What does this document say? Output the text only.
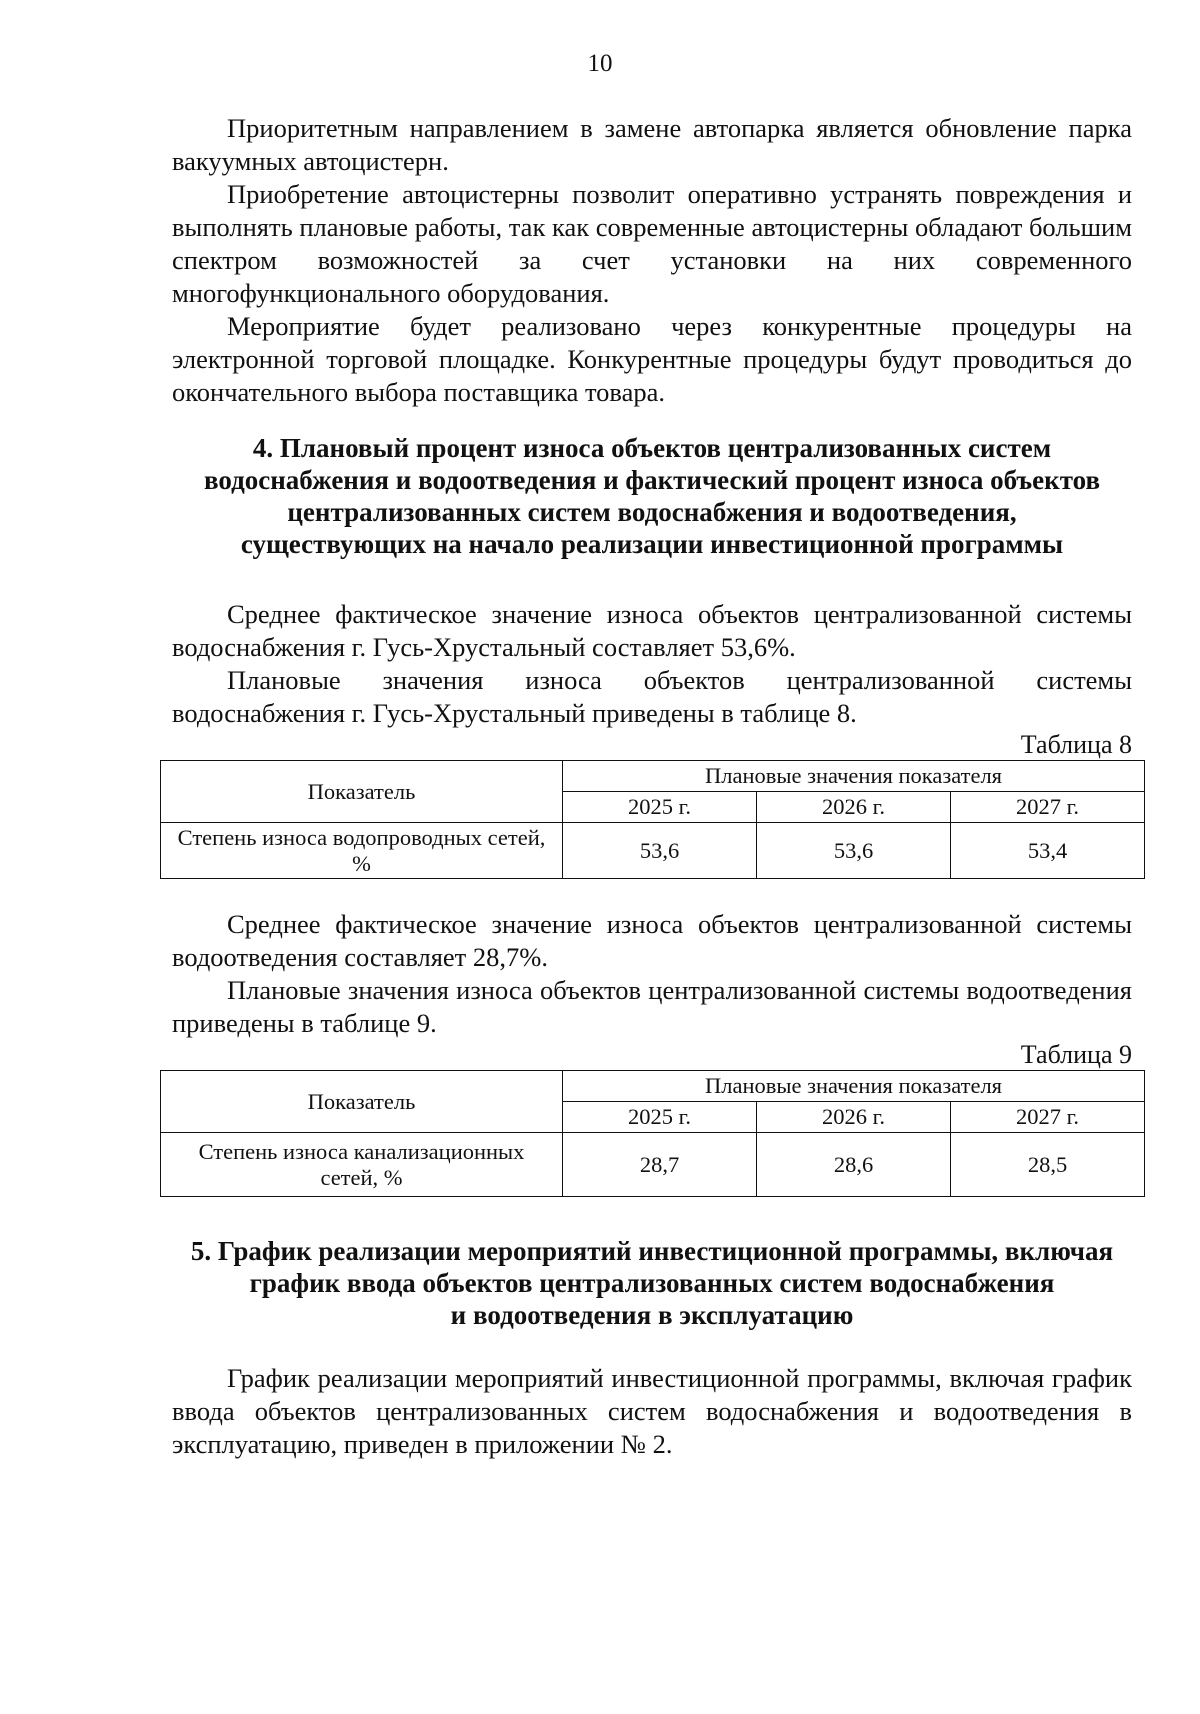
10

Приоритетным направлением в замене автопарка является обновление парка вакуумных автоцистерн.

Приобретение автоцистерны позволит оперативно устранять повреждения и выполнять плановые работы, так как современные автоцистерны обладают большим спектром возможностей за счет установки на них современного многофункционального оборудования.

Мероприятие будет реализовано через конкурентные процедуры на электронной торговой площадке. Конкурентные процедуры будут проводиться до окончательного выбора поставщика товара.

4. Плановый процент износа объектов централизованных систем
водоснабжения и водоотведения и фактический процент износа объектов
централизованных систем водоснабжения и водоотведения,
существующих на начало реализации инвестиционной программы

Среднее фактическое значение износа объектов централизованной системы водоснабжения г. Гусь-Хрустальный составляет 53,6%.

Плановые значения износа объектов централизованной системы водоснабжения г. Гусь-Хрустальный приведены в таблице 8.

Таблица 8
Показатель	Плановые значения показателя		
	2025 г.	2026 г.	2027 г.
Степень износа водопроводных сетей, %	53,6	53,6	53,4

Среднее фактическое значение износа объектов централизованной системы водоотведения составляет 28,7%.

Плановые значения износа объектов централизованной системы водоотведения приведены в таблице 9.

Таблица 9
Показатель	Плановые значения показателя		
	2025 г.	2026 г.	2027 г.
Степень износа канализационных сетей, %	28,7	28,6	28,5
5. График реализации мероприятий инвестиционной программы, включая
график ввода объектов централизованных систем водоснабжения
и водоотведения в эксплуатацию

График реализации мероприятий инвестиционной программы, включая график ввода объектов централизованных систем водоснабжения и водоотведения в эксплуатацию, приведен в приложении № 2.
